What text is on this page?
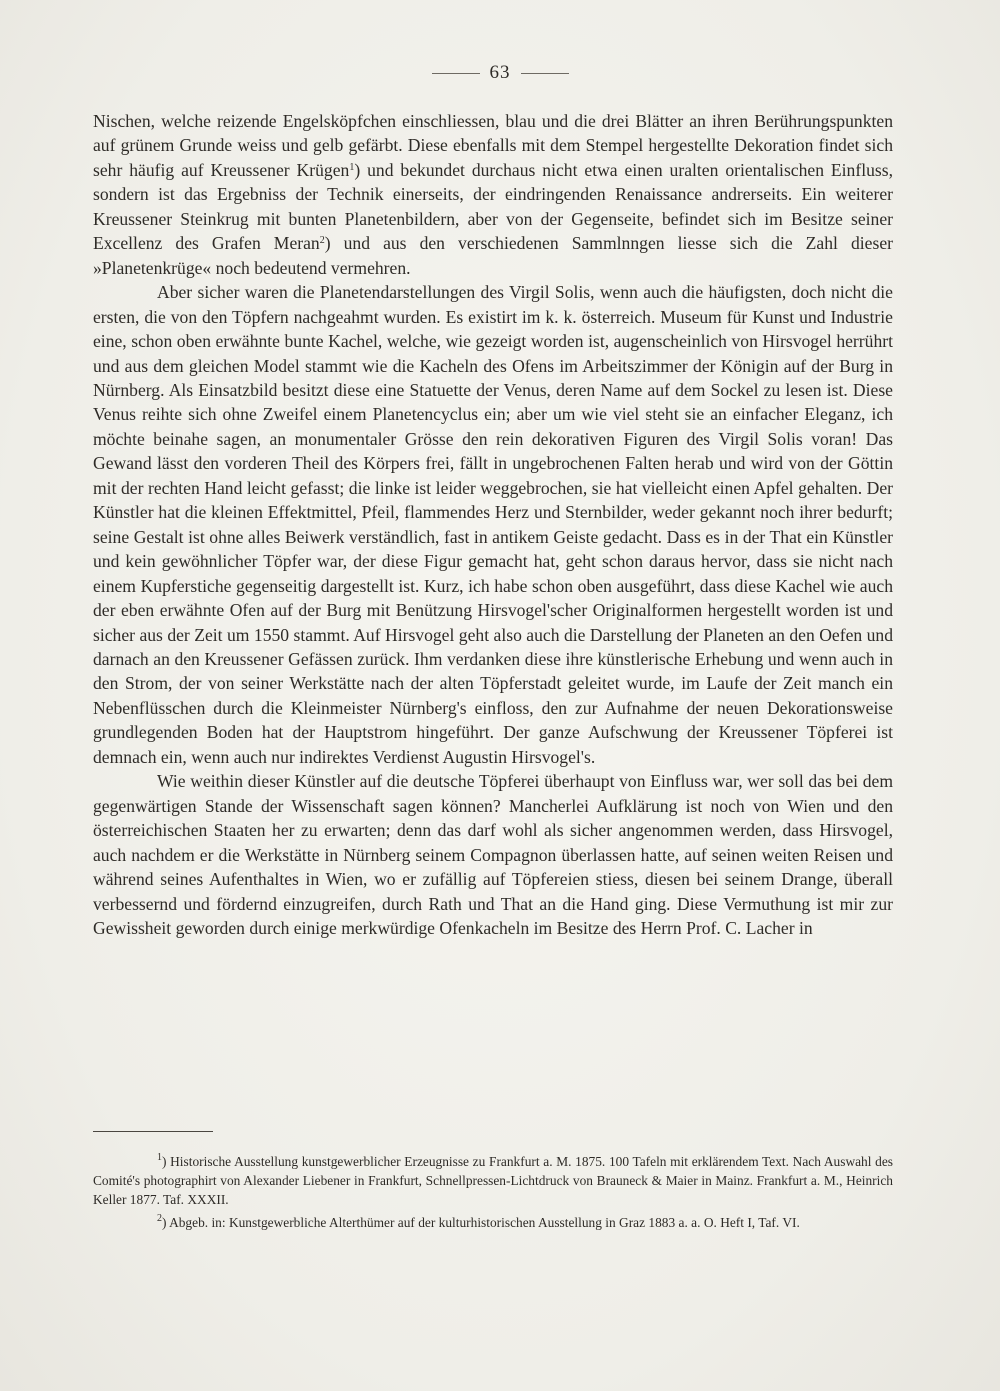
63

Nischen, welche reizende Engelsköpfchen einschliessen, blau und die drei Blätter an ihren Berührungspunkten auf grünem Grunde weiss und gelb gefärbt. Diese ebenfalls mit dem Stempel hergestellte Dekoration findet sich sehr häufig auf Kreussener Krügen$^1$) und bekundet durchaus nicht etwa einen uralten orientalischen Einfluss, sondern ist das Ergebniss der Technik einerseits, der eindringenden Renaissance andrerseits. Ein weiterer Kreussener Steinkrug mit bunten Planetenbildern, aber von der Gegenseite, befindet sich im Besitze seiner Excellenz des Grafen Meran$^2$) und aus den verschiedenen Sammlnngen liesse sich die Zahl dieser »Planetenkrüge« noch bedeutend vermehren.

Aber sicher waren die Planetendarstellungen des Virgil Solis, wenn auch die häufigsten, doch nicht die ersten, die von den Töpfern nachgeahmt wurden. Es existirt im k. k. österreich. Museum für Kunst und Industrie eine, schon oben erwähnte bunte Kachel, welche, wie gezeigt worden ist, augenscheinlich von Hirsvogel herrührt und aus dem gleichen Model stammt wie die Kacheln des Ofens im Arbeitszimmer der Königin auf der Burg in Nürnberg. Als Einsatzbild besitzt diese eine Statuette der Venus, deren Name auf dem Sockel zu lesen ist. Diese Venus reihte sich ohne Zweifel einem Planetencyclus ein; aber um wie viel steht sie an einfacher Eleganz, ich möchte beinahe sagen, an monumentaler Grösse den rein dekorativen Figuren des Virgil Solis voran! Das Gewand lässt den vorderen Theil des Körpers frei, fällt in ungebrochenen Falten herab und wird von der Göttin mit der rechten Hand leicht gefasst; die linke ist leider weggebrochen, sie hat vielleicht einen Apfel gehalten. Der Künstler hat die kleinen Effektmittel, Pfeil, flammendes Herz und Sternbilder, weder gekannt noch ihrer bedurft; seine Gestalt ist ohne alles Beiwerk verständlich, fast in antikem Geiste gedacht. Dass es in der That ein Künstler und kein gewöhnlicher Töpfer war, der diese Figur gemacht hat, geht schon daraus hervor, dass sie nicht nach einem Kupferstiche gegenseitig dargestellt ist. Kurz, ich habe schon oben ausgeführt, dass diese Kachel wie auch der eben erwähnte Ofen auf der Burg mit Benützung Hirsvogel'scher Originalformen hergestellt worden ist und sicher aus der Zeit um 1550 stammt. Auf Hirsvogel geht also auch die Darstellung der Planeten an den Oefen und darnach an den Kreussener Gefässen zurück. Ihm verdanken diese ihre künstlerische Erhebung und wenn auch in den Strom, der von seiner Werkstätte nach der alten Töpferstadt geleitet wurde, im Laufe der Zeit manch ein Nebenflüsschen durch die Kleinmeister Nürnberg's einfloss, den zur Aufnahme der neuen Dekorationsweise grundlegenden Boden hat der Hauptstrom hingeführt. Der ganze Aufschwung der Kreussener Töpferei ist demnach ein, wenn auch nur indirektes Verdienst Augustin Hirsvogel's.

Wie weithin dieser Künstler auf die deutsche Töpferei überhaupt von Einfluss war, wer soll das bei dem gegenwärtigen Stande der Wissenschaft sagen können? Mancherlei Aufklärung ist noch von Wien und den österreichischen Staaten her zu erwarten; denn das darf wohl als sicher angenommen werden, dass Hirsvogel, auch nachdem er die Werkstätte in Nürnberg seinem Compagnon überlassen hatte, auf seinen weiten Reisen und während seines Aufenthaltes in Wien, wo er zufällig auf Töpfereien stiess, diesen bei seinem Drange, überall verbessernd und fördernd einzugreifen, durch Rath und That an die Hand ging. Diese Vermuthung ist mir zur Gewissheit geworden durch einige merkwürdige Ofenkacheln im Besitze des Herrn Prof. C. Lacher in

$^1$) Historische Ausstellung kunstgewerblicher Erzeugnisse zu Frankfurt a. M. 1875. 100 Tafeln mit erklärendem Text. Nach Auswahl des Comité's photographirt von Alexander Liebener in Frankfurt, Schnellpressen-Lichtdruck von Brauneck & Maier in Mainz. Frankfurt a. M., Heinrich Keller 1877. Taf. XXXII.

$^2$) Abgeb. in: Kunstgewerbliche Alterthümer auf der kulturhistorischen Ausstellung in Graz 1883 a. a. O. Heft I, Taf. VI.
